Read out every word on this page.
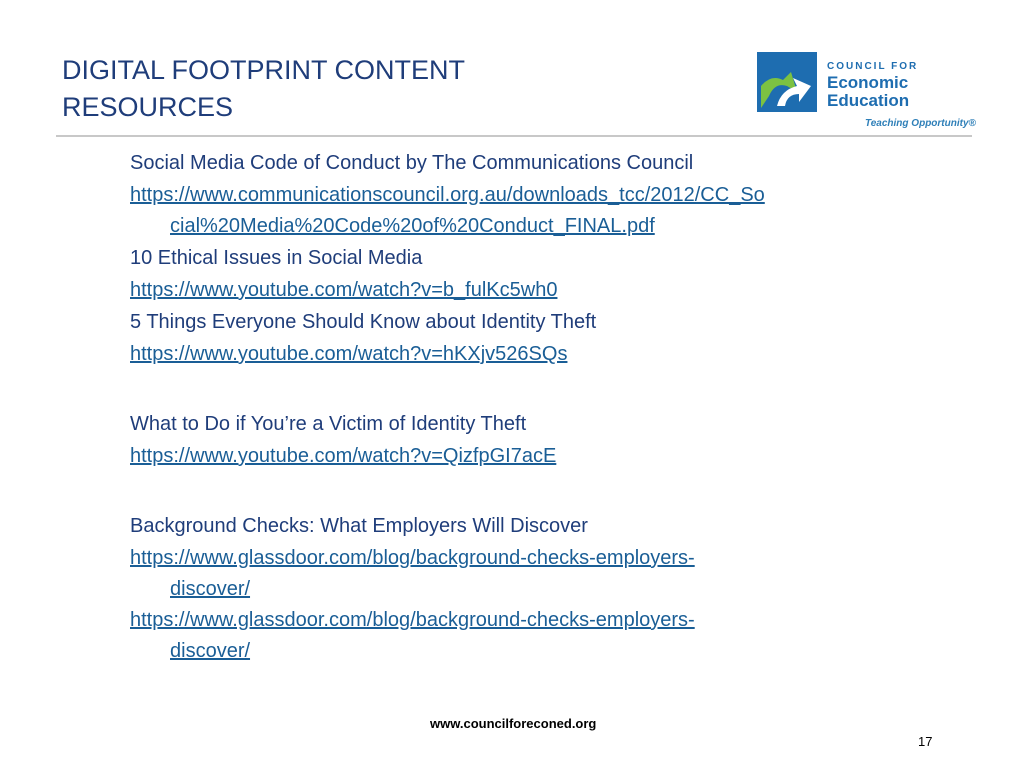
DIGITAL FOOTPRINT CONTENT
RESOURCES
COUNCIL FOR
Economic
Education
Teaching Opportunity®
Social Media Code of Conduct by The Communications Council
https://www.communicationscouncil.org.au/downloads_tcc/2012/CC_So
cial%20Media%20Code%20of%20Conduct_FINAL.pdf
10 Ethical Issues in Social Media
https://www.youtube.com/watch?v=b_fulKc5wh0
5 Things Everyone Should Know about Identity Theft
https://www.youtube.com/watch?v=hKXjv526SQs
What to Do if You’re a Victim of Identity Theft
https://www.youtube.com/watch?v=QizfpGI7acE
Background Checks: What Employers Will Discover
https://www.glassdoor.com/blog/background-checks-employers-
discover/
https://www.glassdoor.com/blog/background-checks-employers-
discover/
www.councilforeconed.org
17
